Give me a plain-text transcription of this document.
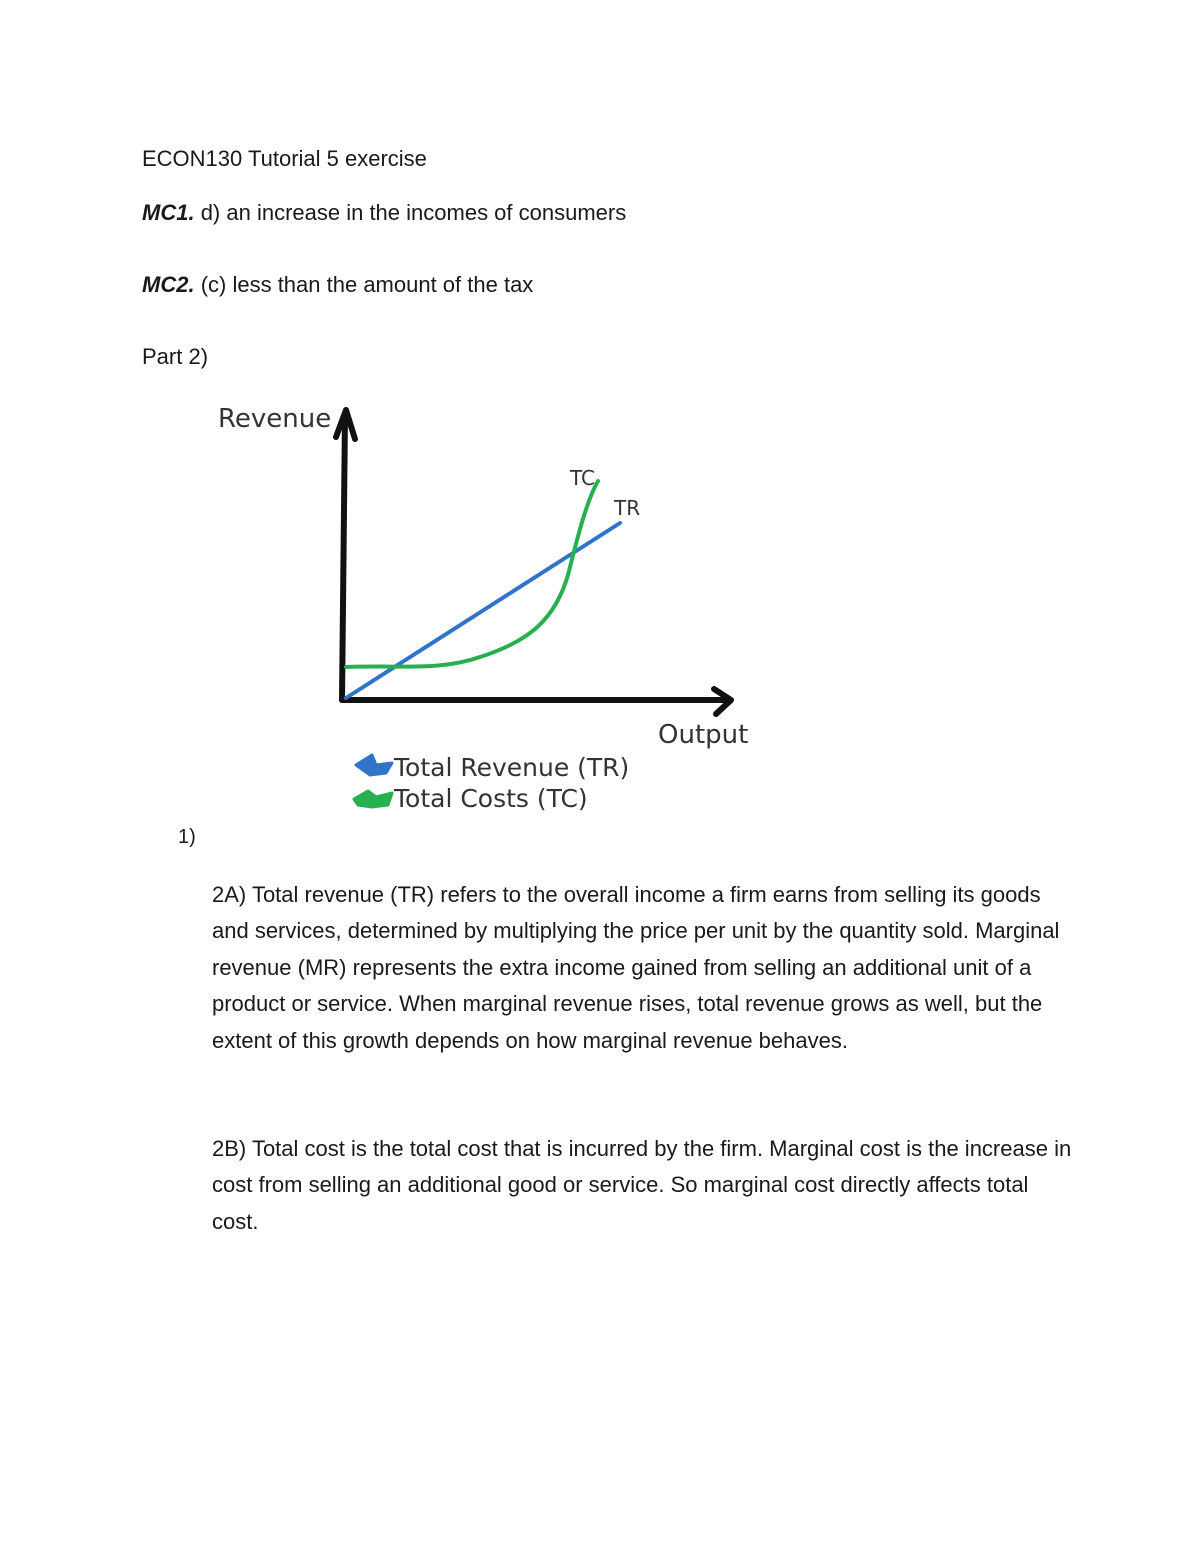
ECON130 Tutorial 5 exercise
MC1. d) an increase in the incomes of consumers
MC2. (c) less than the amount of the tax
Part 2)
Revenue
Output
TC
TR
Total Revenue (TR)
Total Costs (TC)
1)
2A) Total revenue (TR) refers to the overall income a firm earns from selling its goods and services, determined by multiplying the price per unit by the quantity sold. Marginal revenue (MR) represents the extra income gained from selling an additional unit of a product or service. When marginal revenue rises, total revenue grows as well, but the extent of this growth depends on how marginal revenue behaves.
2B) Total cost is the total cost that is incurred by the firm. Marginal cost is the increase in cost from selling an additional good or service. So marginal cost directly affects total cost.
